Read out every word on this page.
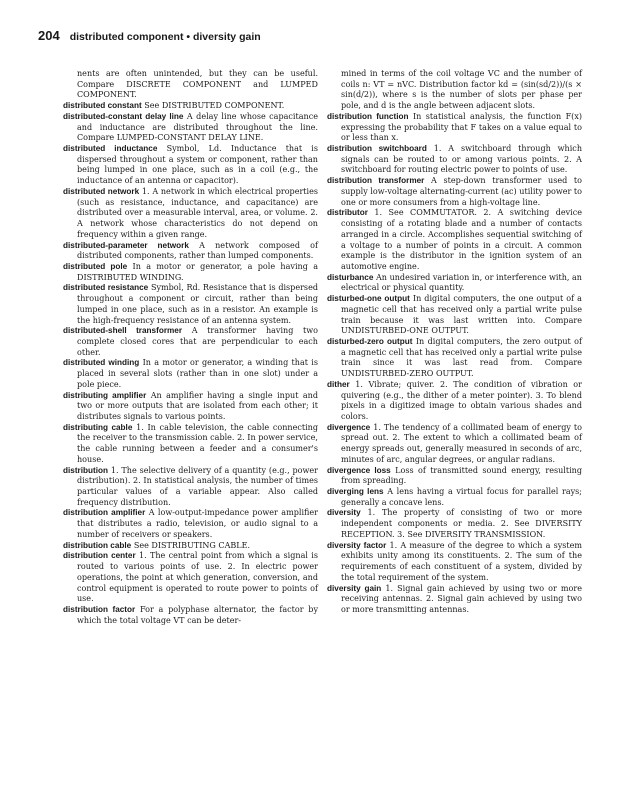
204 distributed component • diversity gain

nents are often unintended, but they can be useful. Compare DISCRETE COMPONENT and LUMPED COMPONENT.

distributed constant See DISTRIBUTED COMPONENT.

distributed-constant delay line A delay line whose capacitance and inductance are distributed throughout the line. Compare LUMPED-CONSTANT DELAY LINE.

distributed inductance Symbol, Ld. Inductance that is dispersed throughout a system or component, rather than being lumped in one place, such as in a coil (e.g., the inductance of an antenna or capacitor).

distributed network 1. A network in which electrical properties (such as resistance, inductance, and capacitance) are distributed over a measurable interval, area, or volume. 2. A network whose characteristics do not depend on frequency within a given range.

distributed-parameter network A network composed of distributed components, rather than lumped components.

distributed pole In a motor or generator, a pole having a DISTRIBUTED WINDING.

distributed resistance Symbol, Rd. Resistance that is dispersed throughout a component or circuit, rather than being lumped in one place, such as in a resistor. An example is the high-frequency resistance of an antenna system.

distributed-shell transformer A transformer having two complete closed cores that are perpendicular to each other.

distributed winding In a motor or generator, a winding that is placed in several slots (rather than in one slot) under a pole piece.

distributing amplifier An amplifier having a single input and two or more outputs that are isolated from each other; it distributes signals to various points.

distributing cable 1. In cable television, the cable connecting the receiver to the transmission cable. 2. In power service, the cable running between a feeder and a consumer's house.

distribution 1. The selective delivery of a quantity (e.g., power distribution). 2. In statistical analysis, the number of times particular values of a variable appear. Also called frequency distribution.

distribution amplifier A low-output-impedance power amplifier that distributes a radio, television, or audio signal to a number of receivers or speakers.

distribution cable See DISTRIBUTING CABLE.

distribution center 1. The central point from which a signal is routed to various points of use. 2. In electric power operations, the point at which generation, conversion, and control equipment is operated to route power to points of use.

distribution factor For a polyphase alternator, the factor by which the total voltage VT can be deter-

mined in terms of the coil voltage VC and the number of coils n: VT = nVC. Distribution factor kd = (sin(sd/2))/(s × sin(d/2)), where s is the number of slots per phase per pole, and d is the angle between adjacent slots.

distribution function In statistical analysis, the function F(x) expressing the probability that F takes on a value equal to or less than x.

distribution switchboard 1. A switchboard through which signals can be routed to or among various points. 2. A switchboard for routing electric power to points of use.

distribution transformer A step-down transformer used to supply low-voltage alternating-current (ac) utility power to one or more consumers from a high-voltage line.

distributor 1. See COMMUTATOR. 2. A switching device consisting of a rotating blade and a number of contacts arranged in a circle. Accomplishes sequential switching of a voltage to a number of points in a circuit. A common example is the distributor in the ignition system of an automotive engine.

disturbance An undesired variation in, or interference with, an electrical or physical quantity.

disturbed-one output In digital computers, the one output of a magnetic cell that has received only a partial write pulse train because it was last written into. Compare UNDISTURBED-ONE OUTPUT.

disturbed-zero output In digital computers, the zero output of a magnetic cell that has received only a partial write pulse train since it was last read from. Compare UNDISTURBED-ZERO OUTPUT.

dither 1. Vibrate; quiver. 2. The condition of vibration or quivering (e.g., the dither of a meter pointer). 3. To blend pixels in a digitized image to obtain various shades and colors.

divergence 1. The tendency of a collimated beam of energy to spread out. 2. The extent to which a collimated beam of energy spreads out, generally measured in seconds of arc, minutes of arc, angular degrees, or angular radians.

divergence loss Loss of transmitted sound energy, resulting from spreading.

diverging lens A lens having a virtual focus for parallel rays; generally a concave lens.

diversity 1. The property of consisting of two or more independent components or media. 2. See DIVERSITY RECEPTION. 3. See DIVERSITY TRANSMISSION.

diversity factor 1. A measure of the degree to which a system exhibits unity among its constituents. 2. The sum of the requirements of each constituent of a system, divided by the total requirement of the system.

diversity gain 1. Signal gain achieved by using two or more receiving antennas. 2. Signal gain achieved by using two or more transmitting antennas.
